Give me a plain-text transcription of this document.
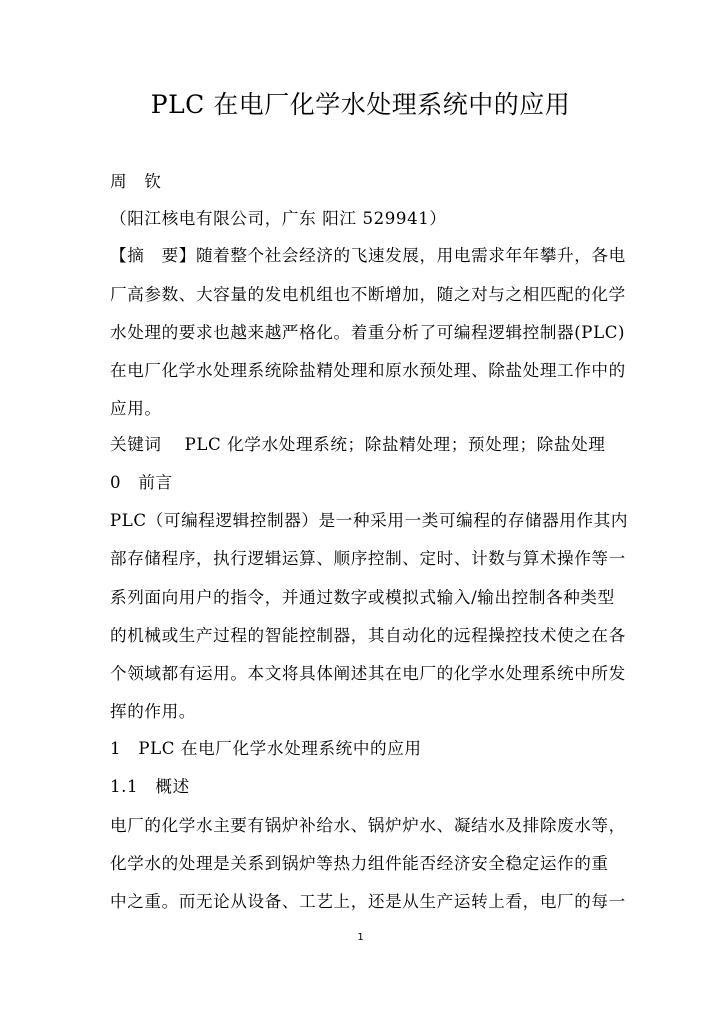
PLC 在电厂化学水处理系统中的应用
周　钦
（阳江核电有限公司，广东 阳江 529941）
【摘　要】随着整个社会经济的飞速发展，用电需求年年攀升，各电
厂高参数、大容量的发电机组也不断增加，随之对与之相匹配的化学
水处理的要求也越来越严格化。着重分析了可编程逻辑控制器(PLC)
在电厂化学水处理系统除盐精处理和原水预处理、除盐处理工作中的
应用。
关键词　 PLC 化学水处理系统；除盐精处理；预处理；除盐处理
0　前言
PLC（可编程逻辑控制器）是一种采用一类可编程的存储器用作其内
部存储程序，执行逻辑运算、顺序控制、定时、计数与算术操作等一
系列面向用户的指令，并通过数字或模拟式输入/输出控制各种类型
的机械或生产过程的智能控制器，其自动化的远程操控技术使之在各
个领域都有运用。本文将具体阐述其在电厂的化学水处理系统中所发
挥的作用。
1　PLC 在电厂化学水处理系统中的应用
1.1　概述
电厂的化学水主要有锅炉补给水、锅炉炉水、凝结水及排除废水等，
化学水的处理是关系到锅炉等热力组件能否经济安全稳定运作的重
中之重。而无论从设备、工艺上，还是从生产运转上看，电厂的每一
1
